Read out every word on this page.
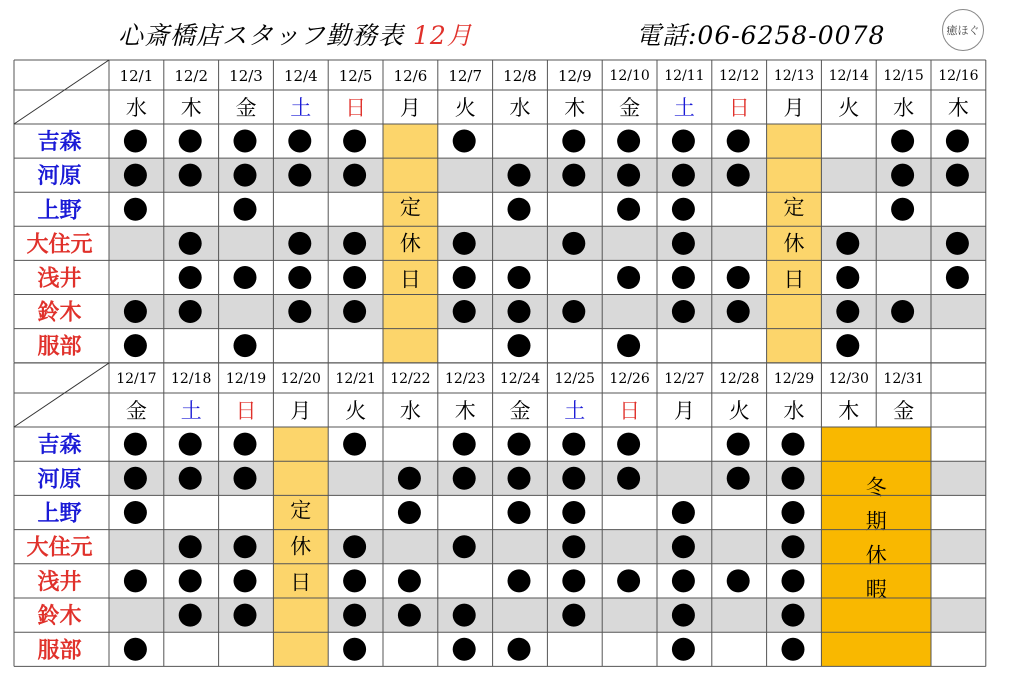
心斎橋店スタッフ勤務表 12月	電話:06-6258-0078	癒ほぐ
定
休
日
定
休
日
12/1 12/2 12/3 12/4 12/5 12/6 12/7 12/8 12/9 12/10 12/11 12/12 12/13 12/14 12/15 12/16
水 木 金 土 日 月 火 水 木 金 土 日 月 火 水 木
吉森
河原
上野
大住元
浅井
鈴木
服部
定
休
日
冬
期
休
暇
12/17 12/18 12/19 12/20 12/21 12/22 12/23 12/24 12/25 12/26 12/27 12/28 12/29 12/30 12/31
金 土 日 月 火 水 木 金 土 日 月 火 水 木 金
吉森
河原
上野
大住元
浅井
鈴木
服部
